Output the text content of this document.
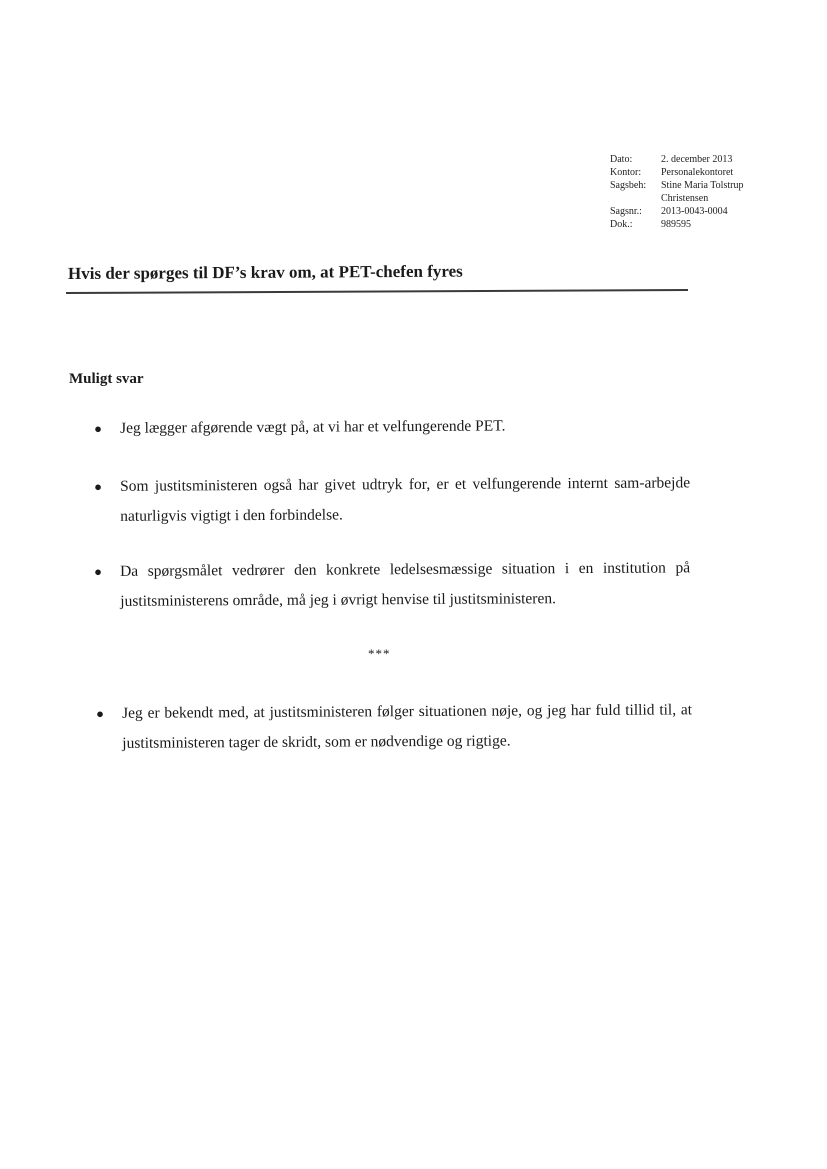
Dato:	2. december 2013
Kontor:	Personalekontoret
Sagsbeh:	Stine Maria Tolstrup Christensen
Sagsnr.:	2013-0043-0004
Dok.:	989595
Hvis der spørges til DF’s krav om, at PET-chefen fyres
Muligt svar
●	Jeg lægger afgørende vægt på, at vi har et velfungerende PET.
●	Som justitsministeren også har givet udtryk for, er et velfungerende internt sam-arbejde naturligvis vigtigt i den forbindelse.
●	Da spørgsmålet vedrører den konkrete ledelsesmæssige situation i en institution på justitsministerens område, må jeg i øvrigt henvise til justitsministeren.
***
●	Jeg er bekendt med, at justitsministeren følger situationen nøje, og jeg har fuld tillid til, at justitsministeren tager de skridt, som er nødvendige og rigtige.
